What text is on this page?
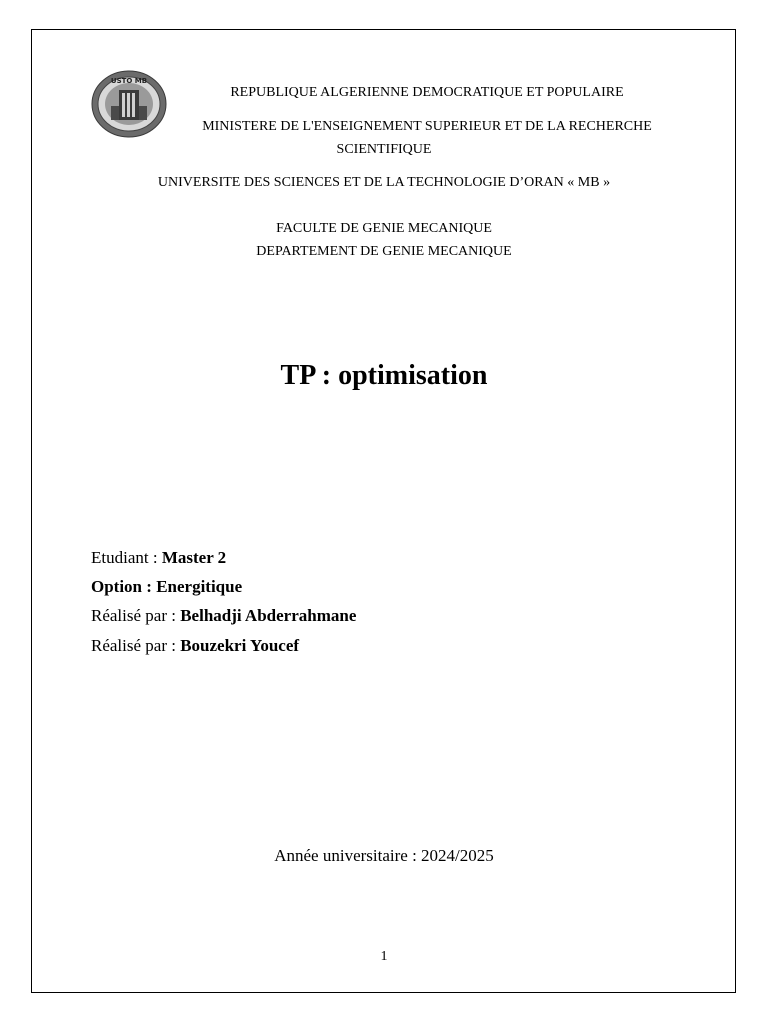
USTO MB
REPUBLIQUE ALGERIENNE DEMOCRATIQUE ET POPULAIRE
MINISTERE DE L'ENSEIGNEMENT SUPERIEUR ET DE LA RECHERCHE
SCIENTIFIQUE
UNIVERSITE DES SCIENCES ET DE LA TECHNOLOGIE D’ORAN « MB »
FACULTE DE GENIE MECANIQUE
DEPARTEMENT DE GENIE MECANIQUE
TP : optimisation
Etudiant : Master 2
Option : Energitique
Réalisé par : Belhadji Abderrahmane
Réalisé par : Bouzekri Youcef
Année universitaire : 2024/2025
1
